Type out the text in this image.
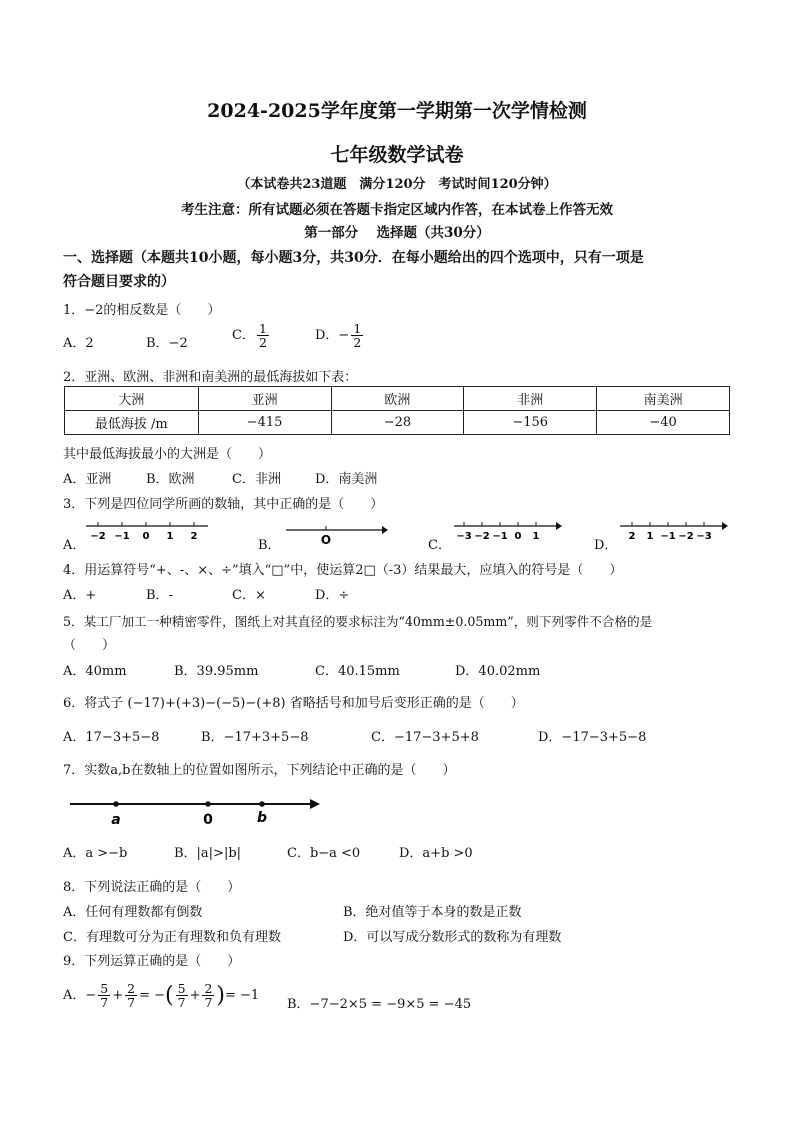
2024-2025学年度第一学期第一次学情检测
七年级数学试卷
（本试卷共23道题　满分120分　考试时间120分钟）
考生注意：所有试题必须在答题卡指定区域内作答，在本试卷上作答无效
第一部分　 选择题（共30分）
一、选择题（本题共10小题，每小题3分，共30分．在每小题给出的四个选项中，只有一项是
符合题目要求的）
1．−2的相反数是（　　）
A．2	B．−2
C． $\frac{1}{2}$	D．− $\frac{1}{2}$
2．亚洲、欧洲、非洲和南美洲的最低海拔如下表：
大洲	亚洲	欧洲	非洲	南美洲
最低海拔 /m	−415	−28	−156	−40
其中最低海拔最小的大洲是（　　）
A．亚洲	B．欧洲	C．非洲	D．南美洲
3．下列是四位同学所画的数轴，其中正确的是（　　）
A．
−2 −1 0 1 2
B．	O	C．
−3 −2 −1 0 1
D．
2 1 −1 −2 −3
4．用运算符号“+、-、×、÷”填入“□”中，使运算2□（-3）结果最大，应填入的符号是（　　）
A．+	B．-	C．×	D．÷
5．某工厂加工一种精密零件，图纸上对其直径的要求标注为“40mm±0.05mm”，则下列零件不合格的是
（　　）
A．40mm	B．39.95mm	C．40.15mm	D．40.02mm
6．将式子 (−17)+(+3)−(−5)−(+8) 省略括号和加号后变形正确的是（　　）
A．17−3+5−8	B．−17+3+5−8	C．−17−3+5+8	D．−17−3+5−8
7．实数a,b在数轴上的位置如图所示，下列结论中正确的是（　　）
a	0	b
A．a >−b	B．|a|>|b|	C．b−a <0	D．a+b >0
8．下列说法正确的是（　　）
A．任何有理数都有倒数	B．绝对值等于本身的数是正数
C．有理数可分为正有理数和负有理数	D．可以写成分数形式的数称为有理数
9．下列运算正确的是（　　）
A．− $\frac{5}{7} + \frac{2}{7}$ = −( $\frac{5}{7} + \frac{2}{7}$ )= −1
B．−7−2×5 = −9×5 = −45
